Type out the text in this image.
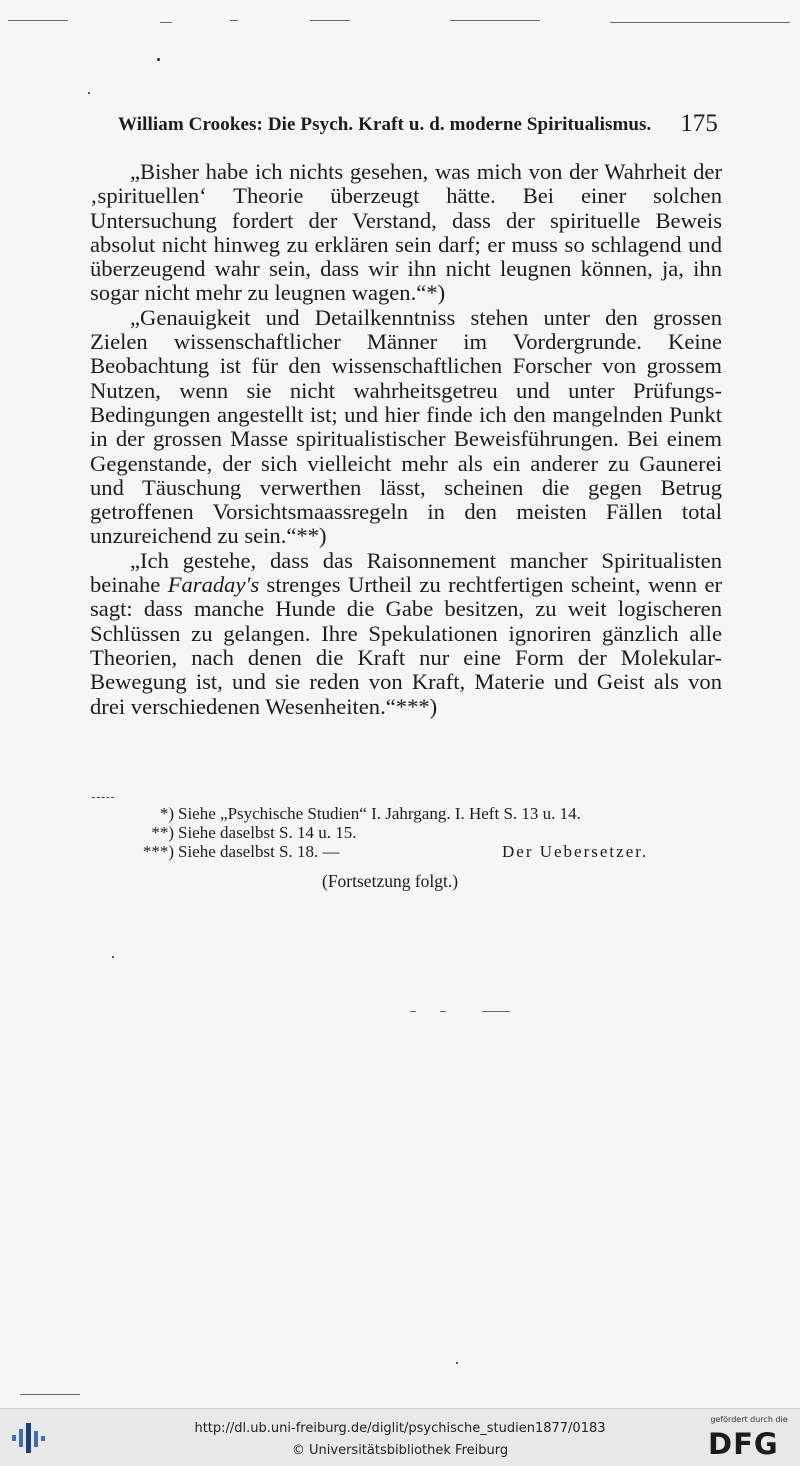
William Crookes: Die Psych. Kraft u. d. moderne Spiritualismus. 175

„Bisher habe ich nichts gesehen, was mich von der Wahrheit der ‚spirituellen‘ Theorie überzeugt hätte. Bei einer solchen Untersuchung fordert der Verstand, dass der spirituelle Beweis absolut nicht hinweg zu erklären sein darf; er muss so schlagend und überzeugend wahr sein, dass wir ihn nicht leugnen können, ja, ihn sogar nicht mehr zu leugnen wagen.“*)

„Genauigkeit und Detailkenntniss stehen unter den grossen Zielen wissenschaftlicher Männer im Vordergrunde. Keine Beobachtung ist für den wissenschaftlichen Forscher von grossem Nutzen, wenn sie nicht wahrheitsgetreu und unter Prüfungs-Bedingungen angestellt ist; und hier finde ich den mangelnden Punkt in der grossen Masse spiritualistischer Beweisführungen. Bei einem Gegenstande, der sich vielleicht mehr als ein anderer zu Gaunerei und Täuschung verwerthen lässt, scheinen die gegen Betrug getroffenen Vorsichtsmaassregeln in den meisten Fällen total unzureichend zu sein.“**)

„Ich gestehe, dass das Raisonnement mancher Spiritualisten beinahe Faraday's strenges Urtheil zu rechtfertigen scheint, wenn er sagt: dass manche Hunde die Gabe besitzen, zu weit logischeren Schlüssen zu gelangen. Ihre Spekulationen ignoriren gänzlich alle Theorien, nach denen die Kraft nur eine Form der Molekular-Bewegung ist, und sie reden von Kraft, Materie und Geist als von drei verschiedenen Wesenheiten.“***)

*) Siehe „Psychische Studien“ I. Jahrgang. I. Heft S. 13 u. 14.
**) Siehe daselbst S. 14 u. 15.
***) Siehe daselbst S. 18. —	Der Uebersetzer.
(Fortsetzung folgt.)
http://dl.ub.uni-freiburg.de/diglit/psychische_studien1877/0183
© Universitätsbibliothek Freiburg
gefördert durch die
DFG
